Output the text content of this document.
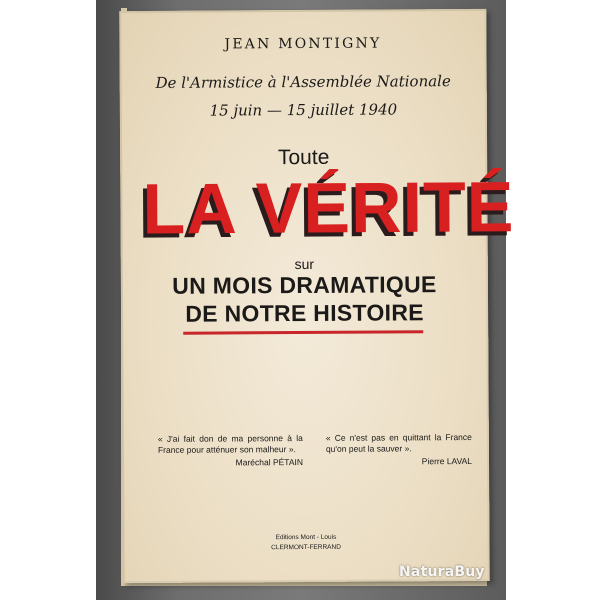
JEAN MONTIGNY
De l'Armistice à l'Assemblée Nationale
15 juin — 15 juillet 1940
Toute
LA VÉRITÉ
sur
UN MOIS DRAMATIQUE
DE NOTRE HISTOIRE
« J'ai fait don de ma personne à la France pour atténuer son malheur ».
Maréchal PÉTAIN
« Ce n'est pas en quittant la France qu'on peut la sauver ».
Pierre LAVAL
Editions Mont - Louis
CLERMONT-FERRAND
NaturaBuy
